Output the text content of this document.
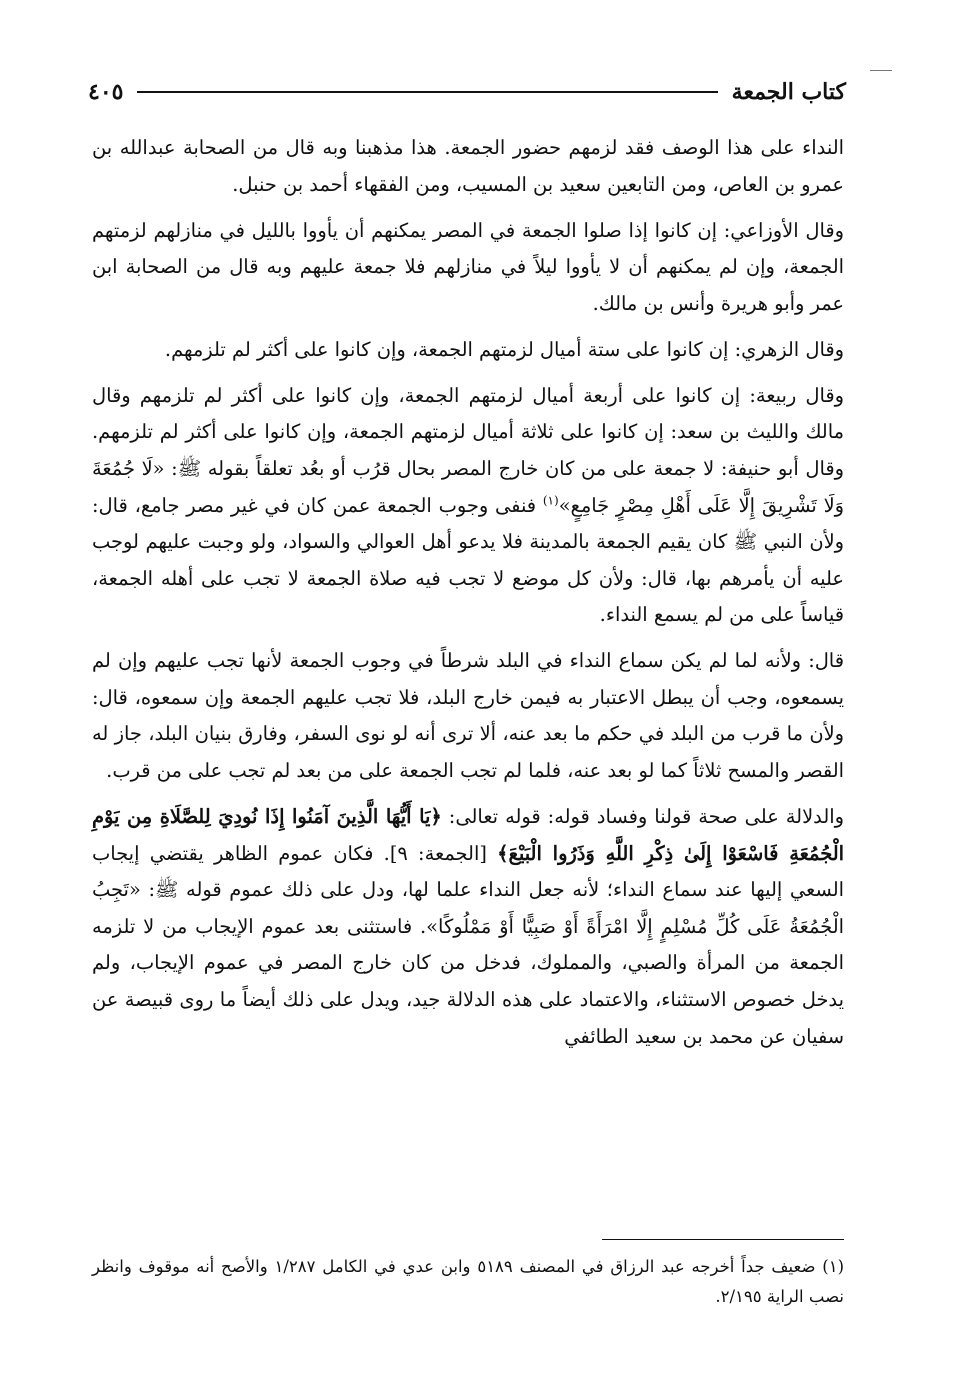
كتاب الجمعة
٤٠٥

النداء على هذا الوصف فقد لزمهم حضور الجمعة. هذا مذهبنا وبه قال من الصحابة عبدالله بن عمرو بن العاص، ومن التابعين سعيد بن المسيب، ومن الفقهاء أحمد بن حنبل.

وقال الأوزاعي: إن كانوا إذا صلوا الجمعة في المصر يمكنهم أن يأووا بالليل في منازلهم لزمتهم الجمعة، وإن لم يمكنهم أن لا يأووا ليلاً في منازلهم فلا جمعة عليهم وبه قال من الصحابة ابن عمر وأبو هريرة وأنس بن مالك.

وقال الزهري: إن كانوا على ستة أميال لزمتهم الجمعة، وإن كانوا على أكثر لم تلزمهم.

وقال ربيعة: إن كانوا على أربعة أميال لزمتهم الجمعة، وإن كانوا على أكثر لم تلزمهم وقال مالك والليث بن سعد: إن كانوا على ثلاثة أميال لزمتهم الجمعة، وإن كانوا على أكثر لم تلزمهم. وقال أبو حنيفة: لا جمعة على من كان خارج المصر بحال قرُب أو بعُد تعلقاً بقوله ﷺ: «لَا جُمُعَةَ وَلَا تَشْرِيقَ إِلَّا عَلَى أَهْلِ مِصْرٍ جَامِعٍ»$^{(١)}$ فنفى وجوب الجمعة عمن كان في غير مصر جامع، قال: ولأن النبي ﷺ كان يقيم الجمعة بالمدينة فلا يدعو أهل العوالي والسواد، ولو وجبت عليهم لوجب عليه أن يأمرهم بها، قال: ولأن كل موضع لا تجب فيه صلاة الجمعة لا تجب على أهله الجمعة، قياساً على من لم يسمع النداء.

قال: ولأنه لما لم يكن سماع النداء في البلد شرطاً في وجوب الجمعة لأنها تجب عليهم وإن لم يسمعوه، وجب أن يبطل الاعتبار به فيمن خارج البلد، فلا تجب عليهم الجمعة وإن سمعوه، قال: ولأن ما قرب من البلد في حكم ما بعد عنه، ألا ترى أنه لو نوى السفر، وفارق بنيان البلد، جاز له القصر والمسح ثلاثاً كما لو بعد عنه، فلما لم تجب الجمعة على من بعد لم تجب على من قرب.

والدلالة على صحة قولنا وفساد قوله: قوله تعالى: ﴿يَا أَيُّهَا الَّذِينَ آمَنُوا إِذَا نُودِيَ لِلصَّلَاةِ مِن يَوْمِ الْجُمُعَةِ فَاسْعَوْا إِلَىٰ ذِكْرِ اللَّهِ وَذَرُوا الْبَيْعَ﴾ [الجمعة: ٩]. فكان عموم الظاهر يقتضي إيجاب السعي إليها عند سماع النداء؛ لأنه جعل النداء علما لها، ودل على ذلك عموم قوله ﷺ: «تَجِبُ الْجُمُعَةُ عَلَى كُلِّ مُسْلِمٍ إِلَّا امْرَأَةً أَوْ صَبِيًّا أَوْ مَمْلُوكًا». فاستثنى بعد عموم الإيجاب من لا تلزمه الجمعة من المرأة والصبي، والمملوك، فدخل من كان خارج المصر في عموم الإيجاب، ولم يدخل خصوص الاستثناء، والاعتماد على هذه الدلالة جيد، ويدل على ذلك أيضاً ما روى قبيصة عن سفيان عن محمد بن سعيد الطائفي

(١) ضعيف جداً أخرجه عبد الرزاق في المصنف ٥١٨٩ وابن عدي في الكامل ١/٢٨٧ والأصح أنه موقوف وانظر نصب الراية ٢/١٩٥.
